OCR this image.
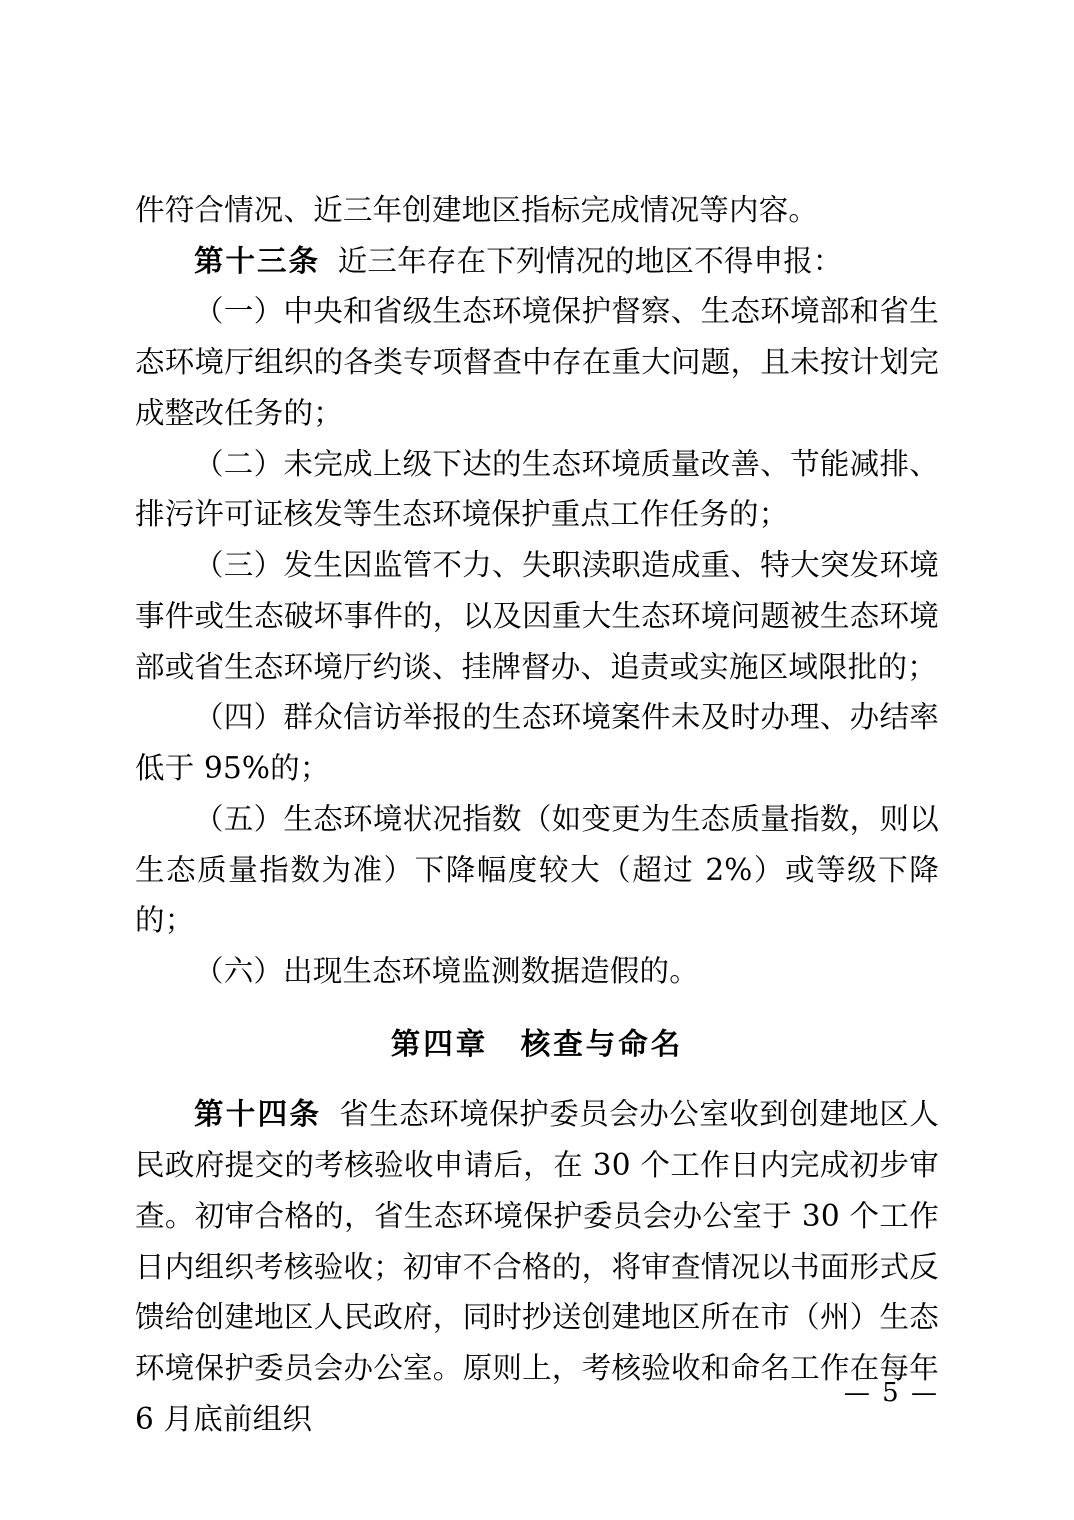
件符合情况、近三年创建地区指标完成情况等内容。

第十三条 近三年存在下列情况的地区不得申报：

（一）中央和省级生态环境保护督察、生态环境部和省生态环境厅组织的各类专项督查中存在重大问题，且未按计划完成整改任务的；

（二）未完成上级下达的生态环境质量改善、节能减排、排污许可证核发等生态环境保护重点工作任务的；

（三）发生因监管不力、失职渎职造成重、特大突发环境事件或生态破坏事件的，以及因重大生态环境问题被生态环境部或省生态环境厅约谈、挂牌督办、追责或实施区域限批的；

（四）群众信访举报的生态环境案件未及时办理、办结率低于 95%的；

（五）生态环境状况指数（如变更为生态质量指数，则以生态质量指数为准）下降幅度较大（超过 2%）或等级下降的；

（六）出现生态环境监测数据造假的。

第四章　核查与命名

第十四条 省生态环境保护委员会办公室收到创建地区人民政府提交的考核验收申请后，在 30 个工作日内完成初步审查。初审合格的，省生态环境保护委员会办公室于 30 个工作日内组织考核验收；初审不合格的，将审查情况以书面形式反馈给创建地区人民政府，同时抄送创建地区所在市（州）生态环境保护委员会办公室。原则上，考核验收和命名工作在每年 6 月底前组织

— 5 —
